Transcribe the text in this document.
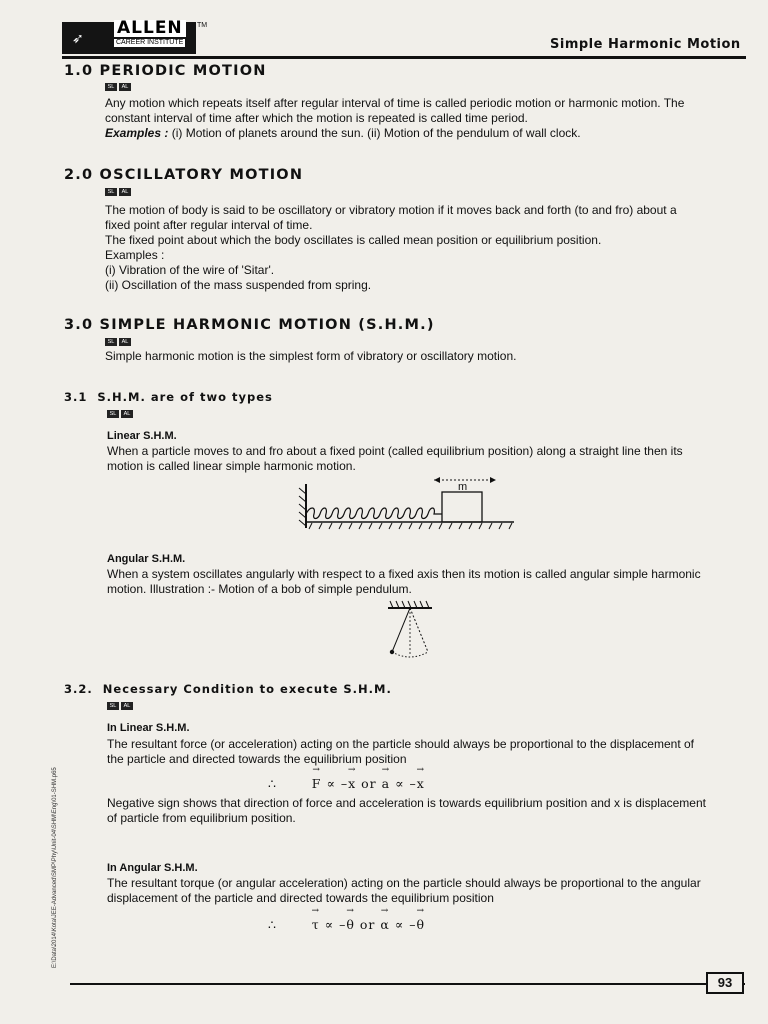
➶ ALLEN
CAREER INSTITUTE
TM
Simple Harmonic Motion
1.0 PERIODIC MOTION
SL	AL
Any motion which repeats itself after regular interval of time is called periodic motion or harmonic motion. The
constant interval of time after which the motion is repeated is called time period.
Examples : (i) Motion of planets around the sun. (ii) Motion of the pendulum of wall clock.
2.0 OSCILLATORY MOTION
SL	AL
The motion of body is said to be oscillatory or vibratory motion if it moves back and forth (to and fro) about a
fixed point after regular interval of time.
The fixed point about which the body oscillates is called mean position or equilibrium position.
Examples :
(i) Vibration of the wire of 'Sitar'.
(ii) Oscillation of the mass suspended from spring.
3.0 SIMPLE HARMONIC MOTION (S.H.M.)
SL	AL
Simple harmonic motion is the simplest form of vibratory or oscillatory motion.
3.1 S.H.M. are of two types
SL	AL
Linear S.H.M.
When a particle moves to and fro about a fixed point (called equilibrium position) along a straight line then its
motion is called linear simple harmonic motion.
m
Angular S.H.M.
When a system oscillates angularly with respect to a fixed axis then its motion is called angular simple harmonic
motion. Illustration :- Motion of a bob of simple pendulum.
3.2. Necessary Condition to execute S.H.M.
SL	AL
In Linear S.H.M.
The resultant force (or acceleration) acting on the particle should always be proportional to the displacement of
the particle and directed towards the equilibrium position
∴	→ F ∝ –→ x or → a ∝ –→ x
Negative sign shows that direction of force and acceleration is towards equilibrium position and x is displacement
of particle from equilibrium position.
In Angular S.H.M.
The resultant torque (or angular acceleration) acting on the particle should always be proportional to the angular
displacement of the particle and directed towards the equilibrium position
∴	→ τ ∝ –→ θ or → α ∝ –→ θ
E:\Data\2014\Kota\JEE-Advanced\SMP\Phy\Unit-04\SHM\Eng\01-SHM.p65
93
